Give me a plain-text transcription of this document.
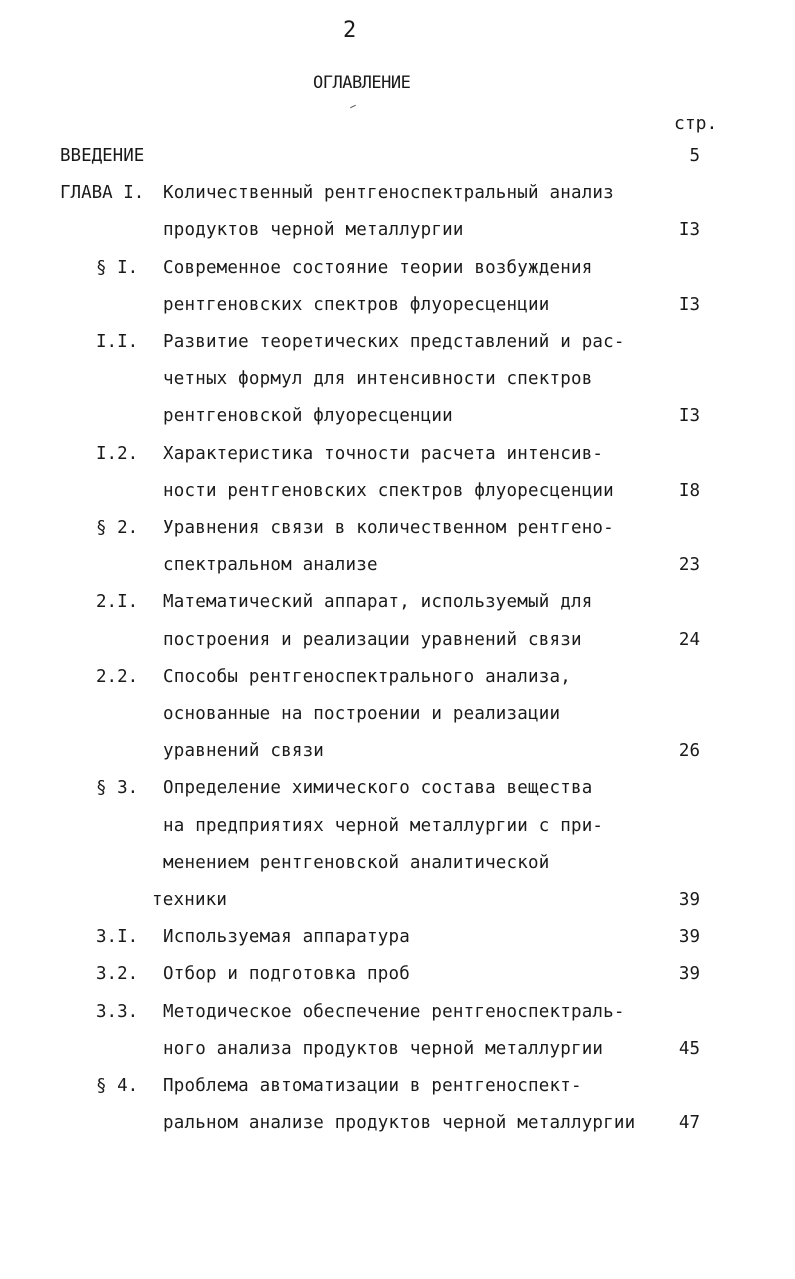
2
ОГЛАВЛЕНИЕ
стр.
ВВЕДЕНИЕ	5
ГЛАВА I. Количественный рентгеноспектральный анализ
продуктов черной металлургии	I3
§ I. Современное состояние теории возбуждения
рентгеновских спектров флуоресценции	I3
I.I. Развитие теоретических представлений и рас-
четных формул для интенсивности спектров
рентгеновской флуоресценции	I3
I.2. Характеристика точности расчета интенсив-
ности рентгеновских спектров флуоресценции	I8
§ 2. Уравнения связи в количественном рентгено-
спектральном анализе	23
2.I. Математический аппарат, используемый для
построения и реализации уравнений связи	24
2.2. Способы рентгеноспектрального анализа,
основанные на построении и реализации
уравнений связи	26
§ 3. Определение химического состава вещества
на предприятиях черной металлургии с при-
менением рентгеновской аналитической
техники	39
3.I. Используемая аппаратура	39
3.2. Отбор и подготовка проб	39
3.3. Методическое обеспечение рентгеноспектраль-
ного анализа продуктов черной металлургии	45
§ 4. Проблема автоматизации в рентгеноспект-
ральном анализе продуктов черной металлургии 47
